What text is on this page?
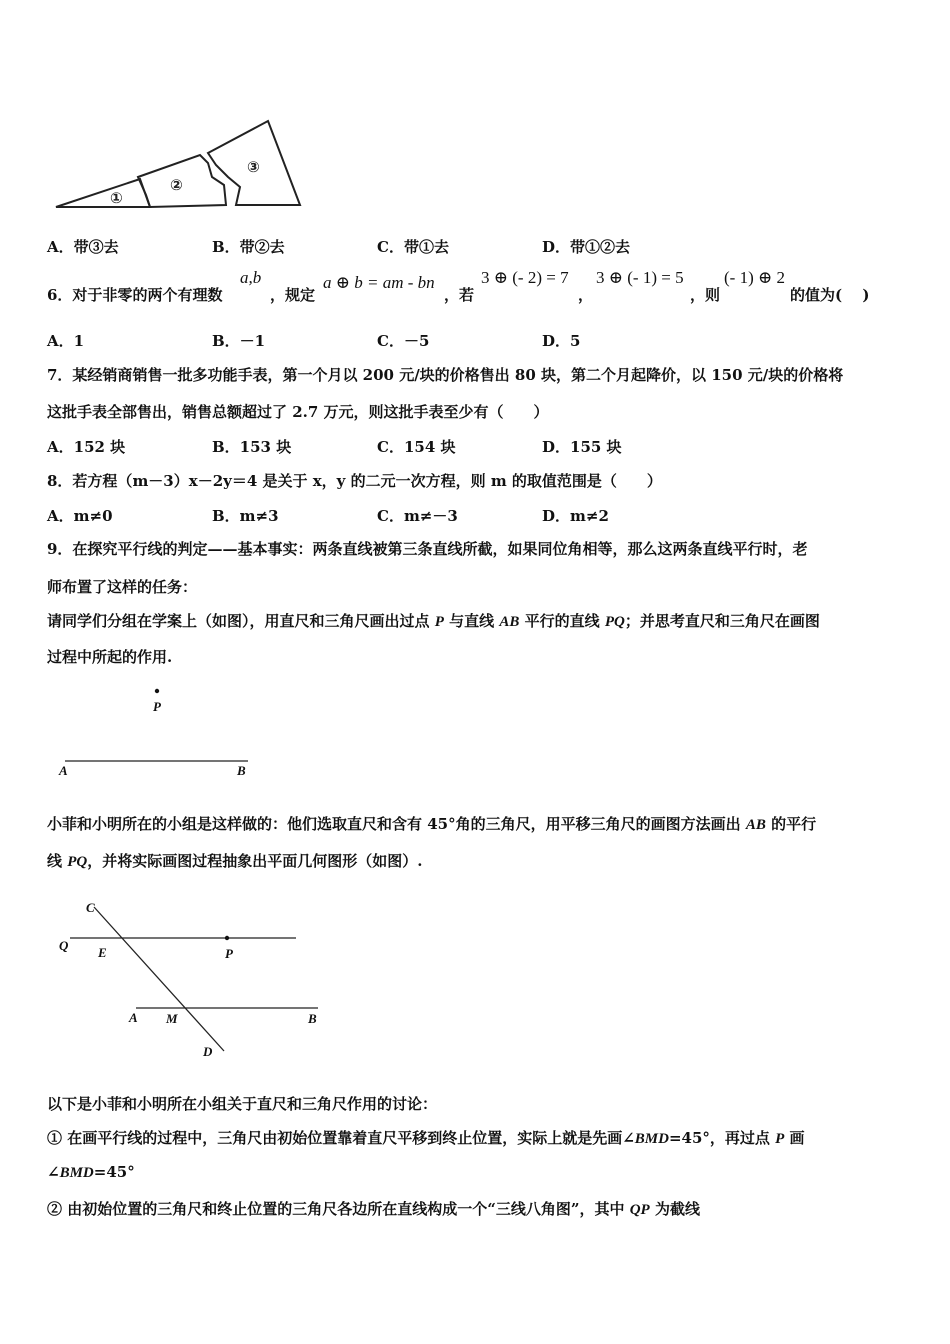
①
②
③
A．带③去	B．带②去	C．带①去	D．带①②去
6．对于非零的两个有理数
a,b
，规定
a ⊕ b = am - bn
，若
3 ⊕ (- 2) = 7
，
3 ⊕ (- 1) = 5
，则
(- 1) ⊕ 2
的值为(　 )
A．1	B．－1	C．－5	D．5
7．某经销商销售一批多功能手表，第一个月以 200 元/块的价格售出 80 块，第二个月起降价，以 150 元/块的价格将
这批手表全部售出，销售总额超过了 2.7 万元，则这批手表至少有（　　）
A．152 块	B．153 块	C．154 块	D．155 块
8．若方程（m－3）x－2y＝4 是关于 x，y 的二元一次方程，则 m 的取值范围是（　　）
A．m≠0	B．m≠3	C．m≠－3	D．m≠2
9．在探究平行线的判定——基本事实：两条直线被第三条直线所截，如果同位角相等，那么这两条直线平行时，老
师布置了这样的任务：
请同学们分组在学案上（如图），用直尺和三角尺画出过点 P 与直线 AB 平行的直线 PQ；并思考直尺和三角尺在画图
过程中所起的作用.
P
A	B
小菲和小明所在的小组是这样做的：他们选取直尺和含有 45°角的三角尺，用平移三角尺的画图方法画出 AB 的平行
线 PQ，并将实际画图过程抽象出平面几何图形（如图）.
C
Q E	P
A M	B
D
以下是小菲和小明所在小组关于直尺和三角尺作用的讨论：
① 在画平行线的过程中，三角尺由初始位置靠着直尺平移到终止位置，实际上就是先画∠BMD=45°，再过点 P 画
∠BMD=45°
② 由初始位置的三角尺和终止位置的三角尺各边所在直线构成一个“三线八角图”，其中 QP 为截线
